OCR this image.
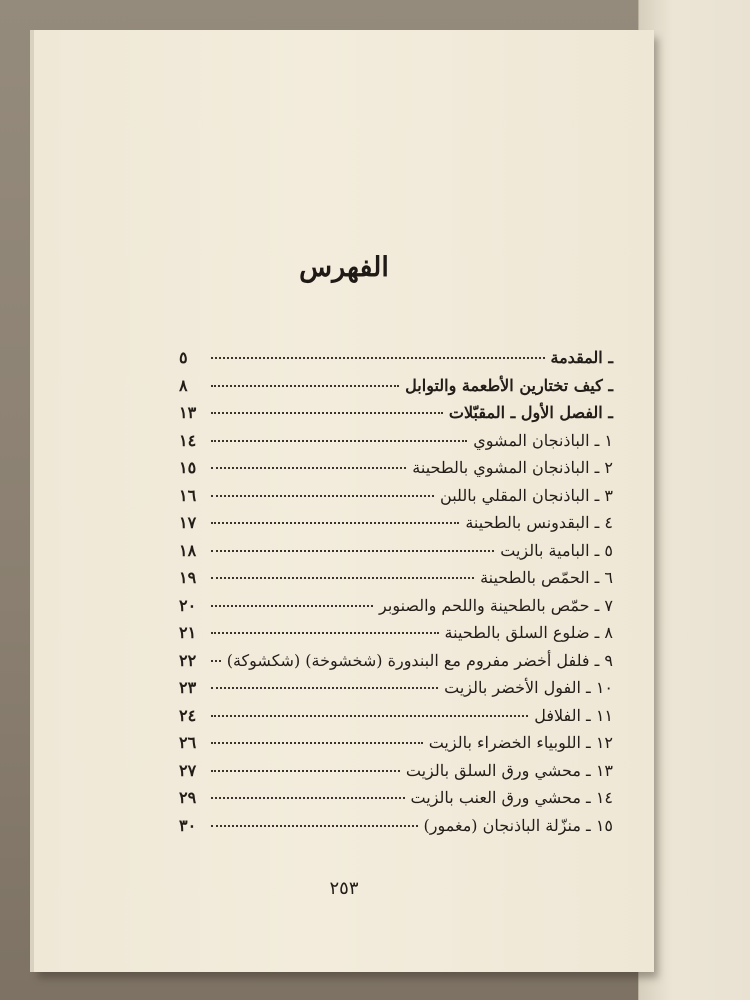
الفهرس
ـ المقدمة
٥
ـ كيف تختارين الأطعمة والتوابل
٨
ـ الفصل الأول ـ المقبّلات
١٣
١ ـ الباذنجان المشوي
١٤
٢ ـ الباذنجان المشوي بالطحينة
١٥
٣ ـ الباذنجان المقلي باللبن
١٦
٤ ـ البقدونس بالطحينة
١٧
٥ ـ البامية بالزيت
١٨
٦ ـ الحمّص بالطحينة
١٩
٧ ـ حمّص بالطحينة واللحم والصنوبر
٢٠
٨ ـ ضلوع السلق بالطحينة
٢١
٩ ـ فلفل أخضر مفروم مع البندورة (شخشوخة) (شكشوكة)
٢٢
١٠ ـ الفول الأخضر بالزيت
٢٣
١١ ـ الفلافل
٢٤
١٢ ـ اللوبياء الخضراء بالزيت
٢٦
١٣ ـ محشي ورق السلق بالزيت
٢٧
١٤ ـ محشي ورق العنب بالزيت
٢٩
١٥ ـ منزّلة الباذنجان (مغمور)
٣٠
٢٥٣
